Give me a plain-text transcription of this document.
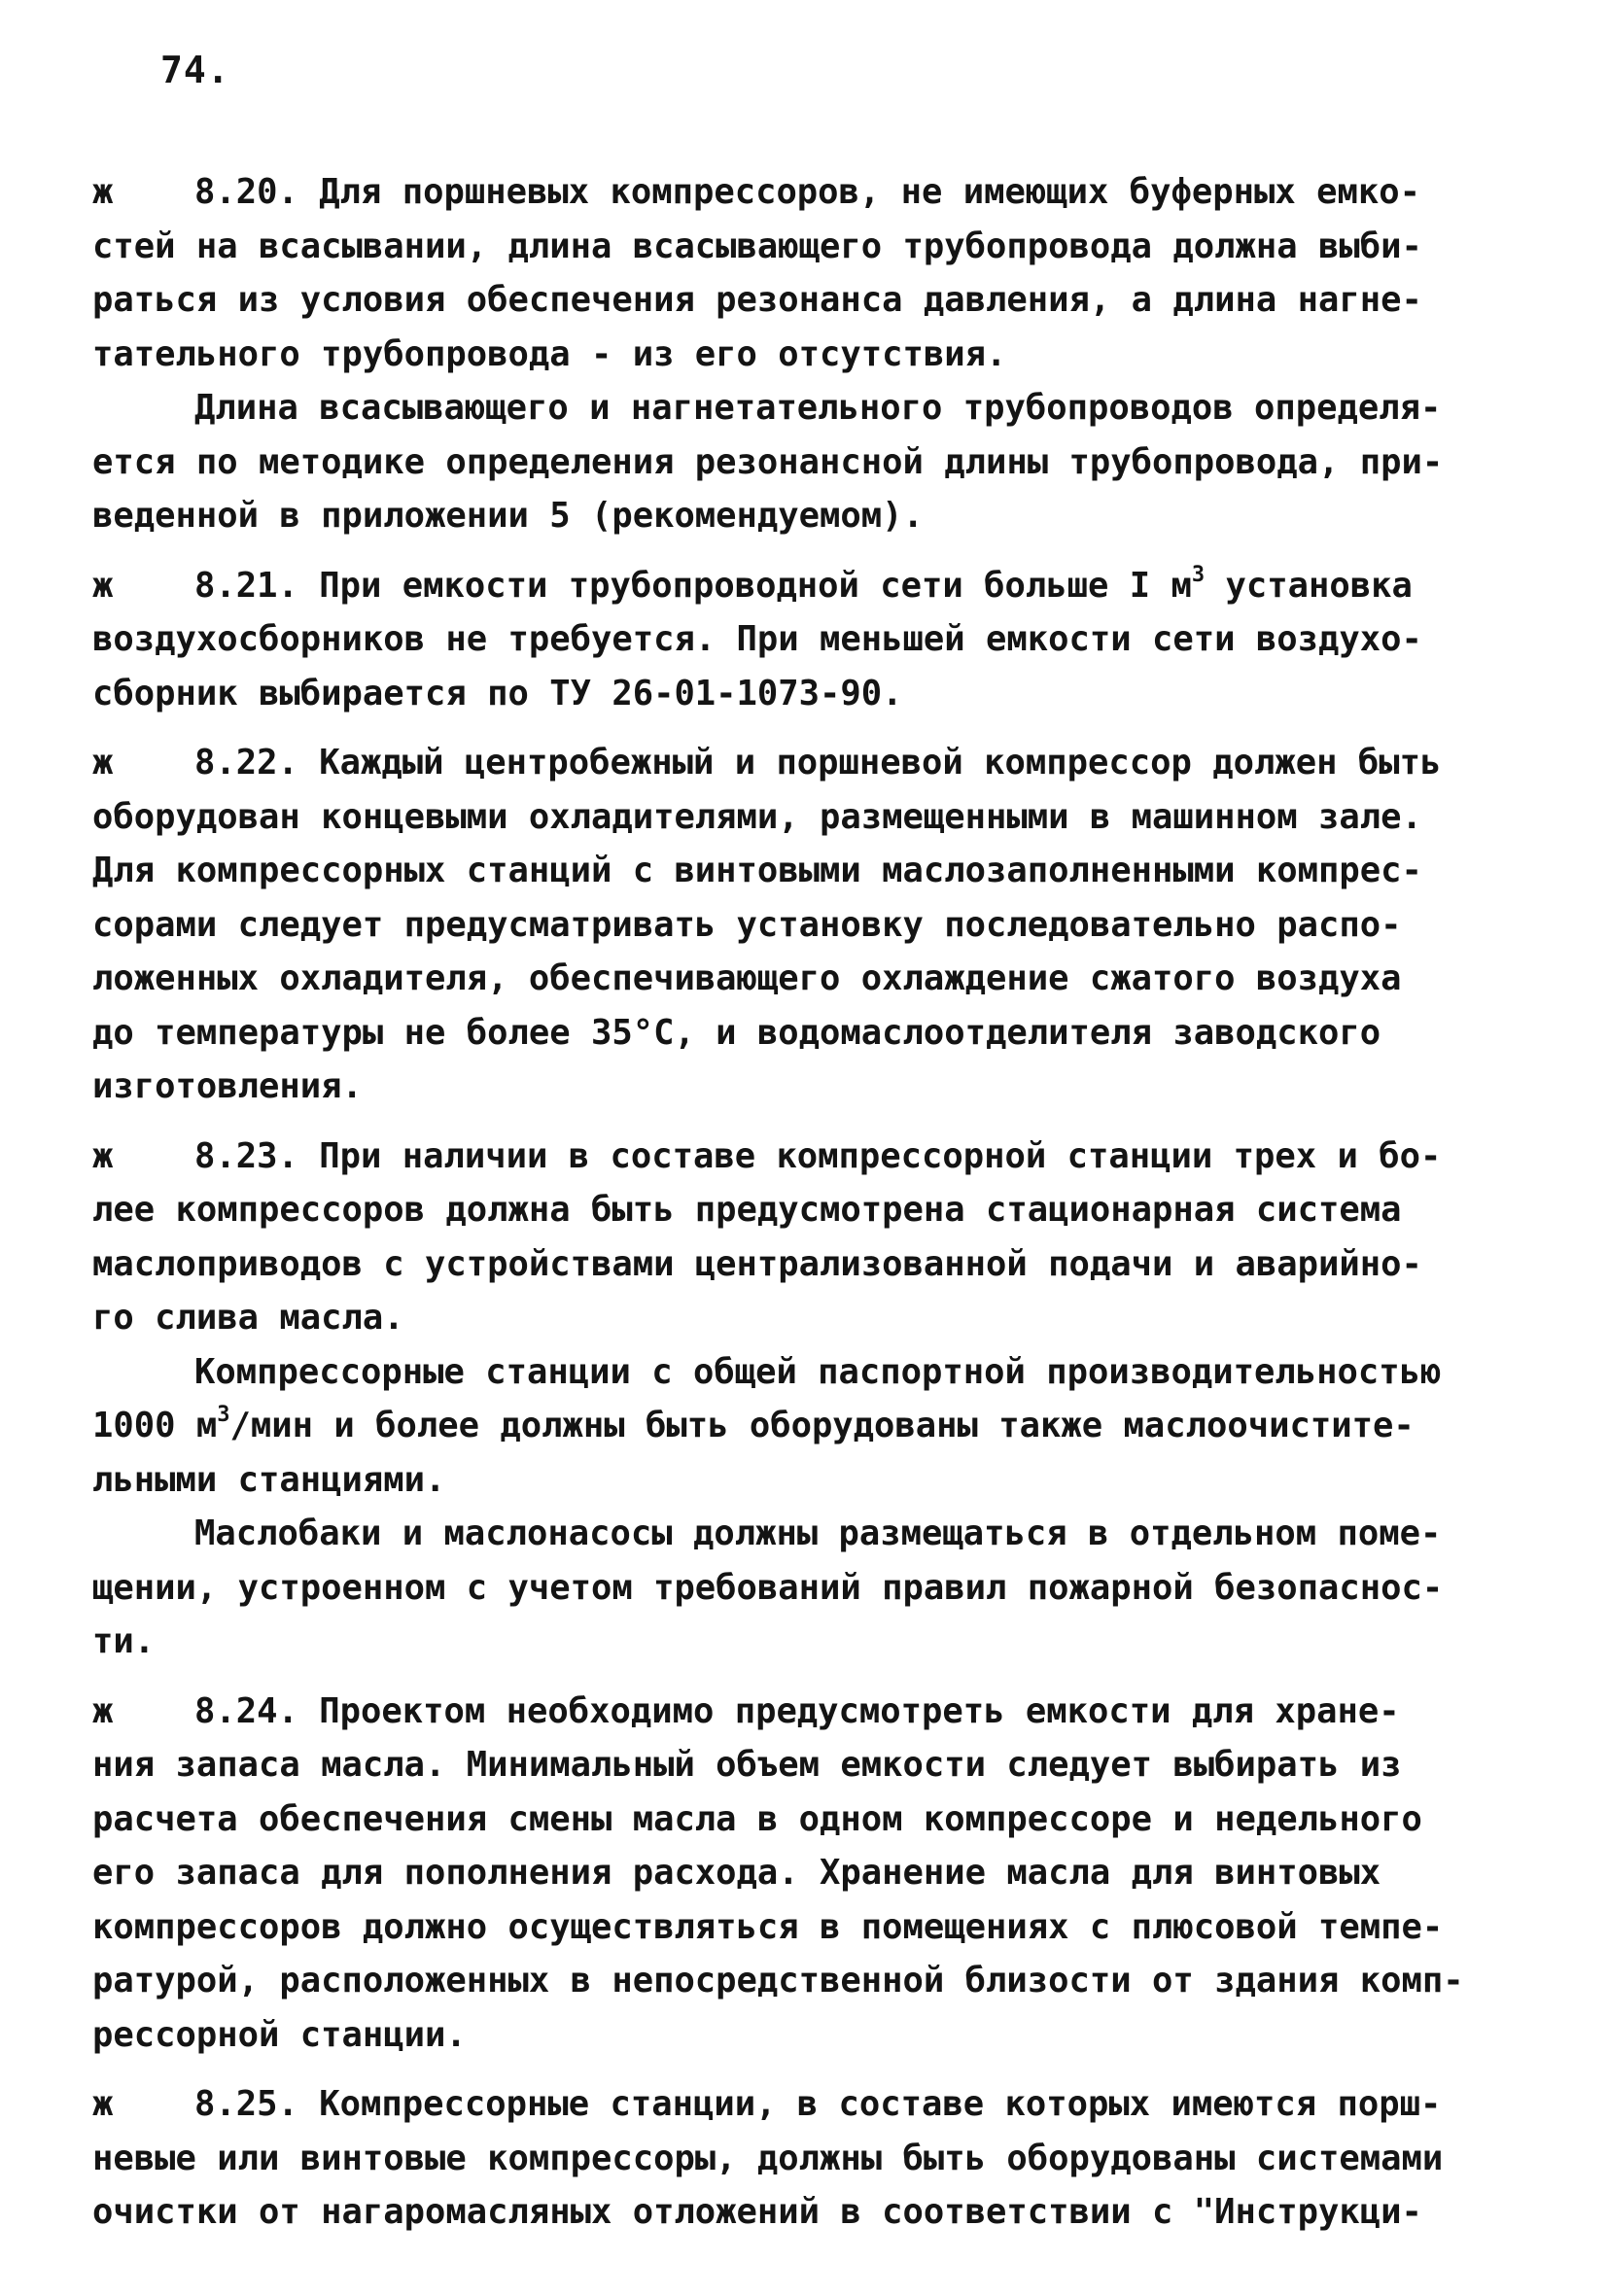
74.
ж 8.20. Для поршневых компрессоров, не имеющих буферных емко-
стей на всасывании, длина всасывающего трубопровода должна выби-
раться из условия обеспечения резонанса давления, а длина нагне-
тательного трубопровода - из его отсутствия.
Длина всасывающего и нагнетательного трубопроводов определя-
ется по методике определения резонансной длины трубопровода, при-
веденной в приложении 5 (рекомендуемом).
ж 8.21. При емкости трубопроводной сети больше I $м^3$ установка
воздухосборников не требуется. При меньшей емкости сети воздухо-
сборник выбирается по ТУ 26-01-1073-90.
ж 8.22. Каждый центробежный и поршневой компрессор должен быть
оборудован концевыми охладителями, размещенными в машинном зале.
Для компрессорных станций с винтовыми маслозаполненными компрес-
сорами следует предусматривать установку последовательно распо-
ложенных охладителя, обеспечивающего охлаждение сжатого воздуха
до температуры не более 35°С, и водомаслоотделителя заводского
изготовления.
ж 8.23. При наличии в составе компрессорной станции трех и бо-
лее компрессоров должна быть предусмотрена стационарная система
маслоприводов с устройствами централизованной подачи и аварийно-
го слива масла.
Компрессорные станции с общей паспортной производительностью
1000 $м^3$/мин и более должны быть оборудованы также маслоочистите-
льными станциями.
Маслобаки и маслонасосы должны размещаться в отдельном поме-
щении, устроенном с учетом требований правил пожарной безопаснос-
ти.
ж 8.24. Проектом необходимо предусмотреть емкости для хране-
ния запаса масла. Минимальный объем емкости следует выбирать из
расчета обеспечения смены масла в одном компрессоре и недельного
его запаса для пополнения расхода. Хранение масла для винтовых
компрессоров должно осуществляться в помещениях с плюсовой темпе-
ратурой, расположенных в непосредственной близости от здания комп-
рессорной станции.
ж 8.25. Компрессорные станции, в составе которых имеются порш-
невые или винтовые компрессоры, должны быть оборудованы системами
очистки от нагаромасляных отложений в соответствии с "Инструкци-
